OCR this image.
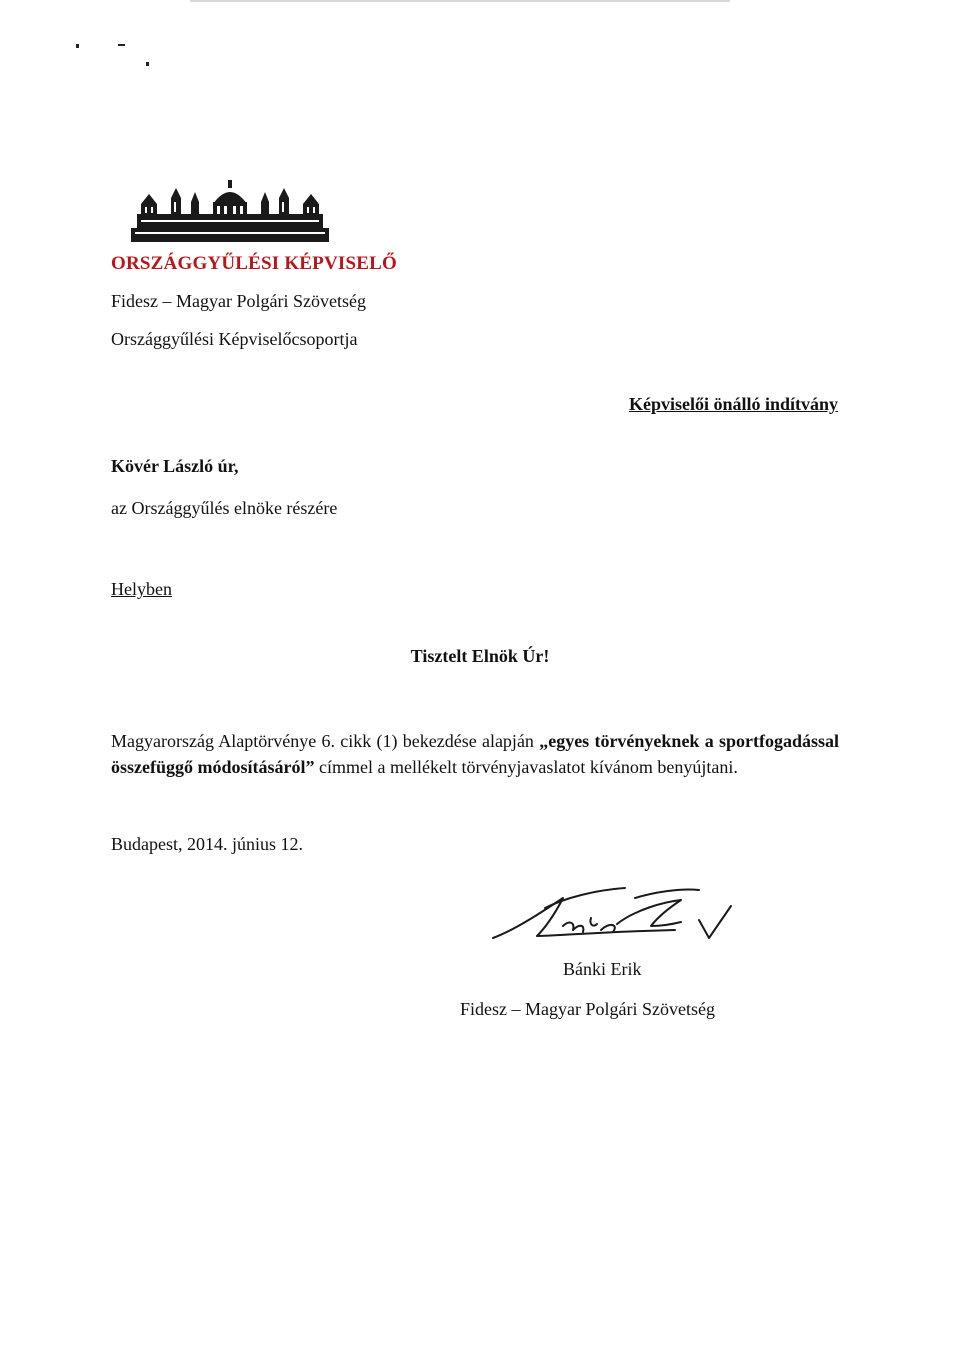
ORSZÁGGYŰLÉSI KÉPVISELŐ
Fidesz – Magyar Polgári Szövetség
Országgyűlési Képviselőcsoportja
Képviselői önálló indítvány
Kövér László úr,
az Országgyűlés elnöke részére
Helyben
Tisztelt Elnök Úr!
Magyarország Alaptörvénye 6. cikk (1) bekezdése alapján „egyes törvényeknek a sportfogadással összefüggő módosításáról” címmel a mellékelt törvényjavaslatot kívánom benyújtani.
Budapest, 2014. június 12.
Bánki Erik
Fidesz – Magyar Polgári Szövetség
